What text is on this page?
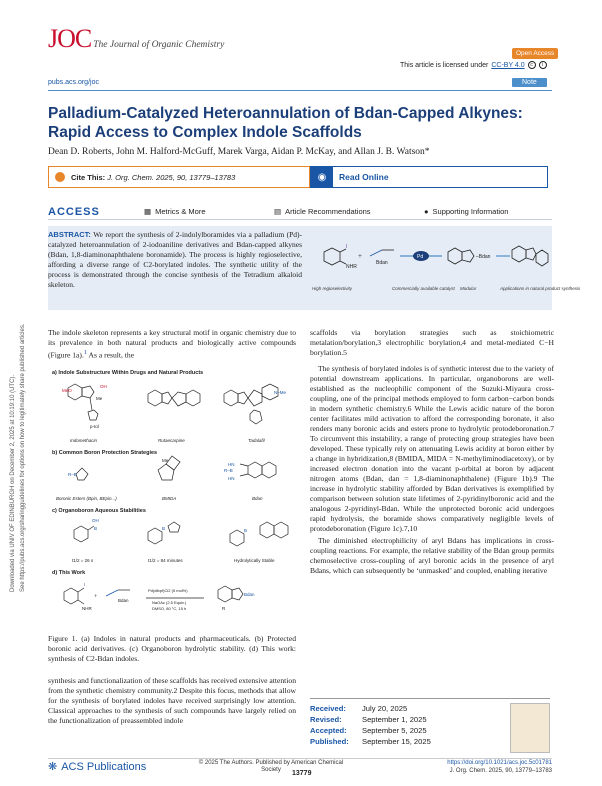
JOC The Journal of Organic Chemistry
Open Access
This article is licensed under CC-BY 4.0	c	i
pubs.acs.org/joc	Note
Palladium-Catalyzed Heteroannulation of Bdan-Capped Alkynes: Rapid Access to Complex Indole Scaffolds
Dean D. Roberts, John M. Halford-McGuff, Marek Varga, Aidan P. McKay, and Allan J. B. Watson*
Cite This: J. Org. Chem. 2025, 90, 13779–13783	◉	Read Online
ACCESS	▦ Metrics & More	▤ Article Recommendations	● Supporting Information
ABSTRACT: We report the synthesis of 2-indolylboramides via a palladium (Pd)-catalyzed heteroannulation of 2-iodoaniline derivatives and Bdan-capped alkynes (Bdan, 1,8-diaminonaphthalene boronamide). The process is highly regioselective, affording a diverse range of C2-borylated indoles. The synthetic utility of the process is demonstrated through the concise synthesis of the Tetradium alkaloid skeleton.
I
NHR
+
Bdan
Pd	–Bdan
High regioselectivity	Commercially available catalyst Modular	Applications in natural product synthesis
Downloaded via UNIV OF EDINBURGH on December 2, 2025 at 10:19:10 (UTC). See https://pubs.acs.org/sharingguidelines for options on how to legitimately share published articles.	The indole skeleton represents a key structural motif in organic chemistry due to its prevalence in both natural products and biologically active compounds (Figure 1a).$^1$ As a result, the
a) Indole Substructure Within Drugs and Natural Products
MeO
OH
Me
p-tol
Indomethacin	Rutaecarpine
N–Me
Tadalafil
b) Common Boron Protection Strategies
R–B
Boronic Esters (Bpin, BEpin...)
Me
BMIDA
HN
R–B
HN
Bdan
c) Organoboron Aqueous Stabilities
OH
B
t1/2 = 26 s
B
t1/2 = 84 minutes
B
Hydrolytically Stable
d) This Work
I
NHR
+
Bdan
Pd(dtbpf)Cl2 (5 mol%)
NaOAc (2.5 Equiv.)
DMSO, 80 °C, 15 h
Bdan
R
Figure 1. (a) Indoles in natural products and pharmaceuticals. (b) Protected boronic acid derivatives. (c) Organoboron hydrolytic stability. (d) This work: synthesis of C2-Bdan indoles.
synthesis and functionalization of these scaffolds has received extensive attention from the synthetic chemistry community.2 Despite this focus, methods that allow for the synthesis of borylated indoles have received surprisingly low attention. Classical approaches to the synthesis of such compounds have largely relied on the functionalization of preassembled indole

scaffolds via borylation strategies such as stoichiometric metalation/borylation,3 electrophilic borylation,4 and metal-mediated C−H borylation.5

The synthesis of borylated indoles is of synthetic interest due to the variety of potential downstream applications. In particular, organoborons are well-established as the nucleophilic component of the Suzuki-Miyaura cross-coupling, one of the principal methods employed to form carbon−carbon bonds in modern synthetic chemistry.6 While the Lewis acidic nature of the boron center facilitates mild activation to afford the corresponding boronate, it also renders many boronic acids and esters prone to hydrolytic protodeboronation.7 To circumvent this instability, a range of protecting group strategies have been developed. These typically rely on attenuating Lewis acidity at boron either by a change in hybridization,8 (BMIDA, MIDA = N-methyliminodiacetoxy), or by increased electron donation into the vacant p-orbital at boron by adjacent nitrogen atoms (Bdan, dan = 1,8-diaminonaphthalene) (Figure 1b).9 The increase in hydrolytic stability afforded by Bdan derivatives is exemplified by comparison between solution state lifetimes of 2-pyridinylboronic acid and the analogous 2-pyridinyl-Bdan. While the unprotected boronic acid undergoes rapid hydrolysis, the boramide shows comparatively negligible levels of protodeboronation (Figure 1c).7,10

The diminished electrophilicity of aryl Bdans has implications in cross-coupling reactions. For example, the relative stability of the Bdan group permits chemoselective cross-coupling of aryl boronic acids in the presence of aryl Bdans, which can subsequently be ‘unmasked’ and coupled, enabling iterative

Received: July 20, 2025
Revised:	September 1, 2025
Accepted: September 5, 2025
Published: September 15, 2025
❋ ACS Publications	© 2025 The Authors. Published by American Chemical Society	13779
https://doi.org/10.1021/acs.joc.5c01781
J. Org. Chem. 2025, 90, 13779–13783
